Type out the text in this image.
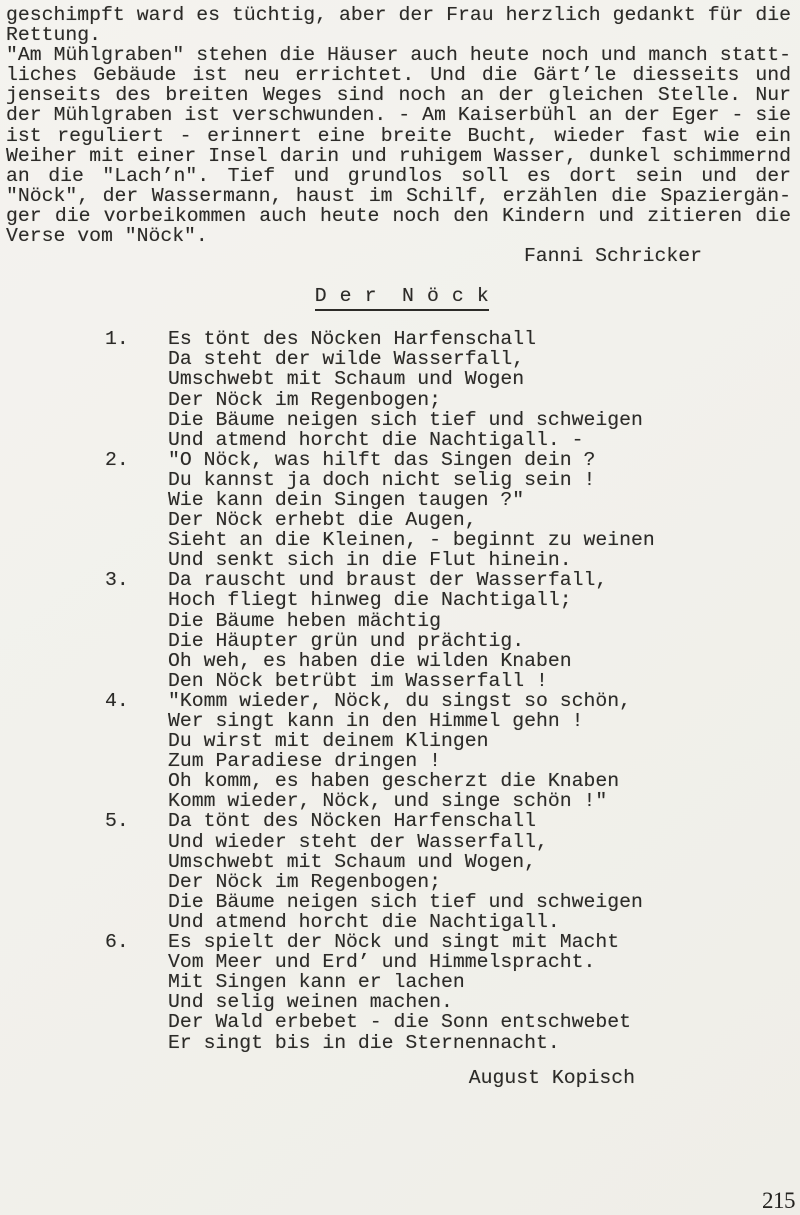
geschimpft ward es tüchtig, aber der Frau herzlich gedankt für die
Rettung.
"Am Mühlgraben" stehen die Häuser auch heute noch und manch statt-
liches Gebäude ist neu errichtet. Und die Gärt’le diesseits und
jenseits des breiten Weges sind noch an der gleichen Stelle. Nur
der Mühlgraben ist verschwunden. - Am Kaiserbühl an der Eger - sie
ist reguliert - erinnert eine breite Bucht, wieder fast wie ein
Weiher mit einer Insel darin und ruhigem Wasser, dunkel schimmernd
an die "Lach’n". Tief und grundlos soll es dort sein und der
"Nöck", der Wassermann, haust im Schilf, erzählen die Spaziergän-
ger die vorbeikommen auch heute noch den Kindern und zitieren die
Verse vom "Nöck".
Fanni Schricker
D e r  N ö c k
1.	Es tönt des Nöcken Harfenschall
Da steht der wilde Wasserfall,
Umschwebt mit Schaum und Wogen
Der Nöck im Regenbogen;
Die Bäume neigen sich tief und schweigen
Und atmend horcht die Nachtigall. -
2.	"O Nöck, was hilft das Singen dein ?
Du kannst ja doch nicht selig sein !
Wie kann dein Singen taugen ?"
Der Nöck erhebt die Augen,
Sieht an die Kleinen, - beginnt zu weinen
Und senkt sich in die Flut hinein.
3.	Da rauscht und braust der Wasserfall,
Hoch fliegt hinweg die Nachtigall;
Die Bäume heben mächtig
Die Häupter grün und prächtig.
Oh weh, es haben die wilden Knaben
Den Nöck betrübt im Wasserfall !
4.	"Komm wieder, Nöck, du singst so schön,
Wer singt kann in den Himmel gehn !
Du wirst mit deinem Klingen
Zum Paradiese dringen !
Oh komm, es haben gescherzt die Knaben
Komm wieder, Nöck, und singe schön !"
5.	Da tönt des Nöcken Harfenschall
Und wieder steht der Wasserfall,
Umschwebt mit Schaum und Wogen,
Der Nöck im Regenbogen;
Die Bäume neigen sich tief und schweigen
Und atmend horcht die Nachtigall.
6.	Es spielt der Nöck und singt mit Macht
Vom Meer und Erd’ und Himmelspracht.
Mit Singen kann er lachen
Und selig weinen machen.
Der Wald erbebet - die Sonn entschwebet
Er singt bis in die Sternennacht.
August Kopisch
215
